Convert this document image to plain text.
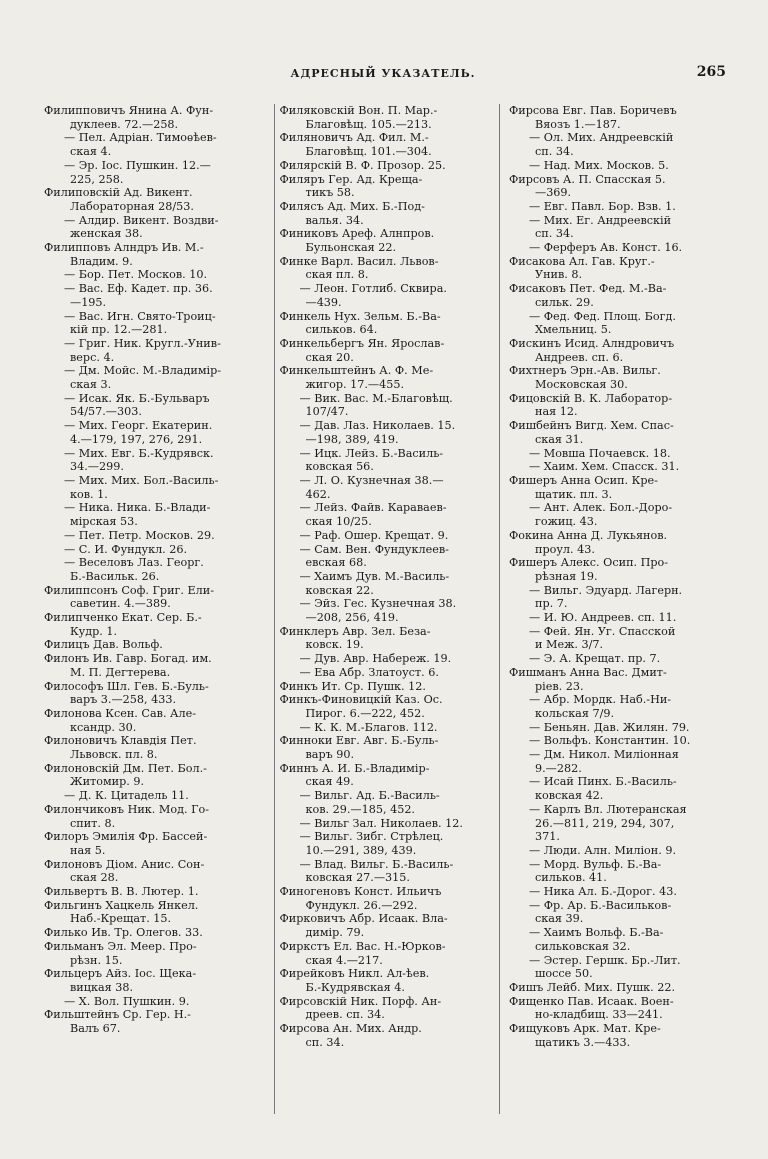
АДРЕСНЫЙ УКАЗАТЕЛЬ.	265
Филипповичъ Янина А. Фун-
дуклеев. 72.—258.
— Пел. Адріан. Тимоѳѣев-
ская 4.
— Эр. Іос. Пушкин. 12.—
225, 258.
Филиповскій Ад. Викент.
Лабораторная 28/53.
— Алдир. Викент. Воздви-
женская 38.
Филипповъ Алндръ Ив. М.-
Владим. 9.
— Бор. Пет. Москов. 10.
— Вас. Еф. Кадет. пр. 36.
—195.
— Вас. Игн. Свято-Троиц-
кій пр. 12.—281.
— Григ. Ник. Кругл.-Унив-
верс. 4.
— Дм. Мойс. М.-Владимір-
ская 3.
— Исак. Як. Б.-Бульваръ
54/57.—303.
— Мих. Георг. Екатерин.
4.—179, 197, 276, 291.
— Мих. Евг. Б.-Кудрявск.
34.—299.
— Мих. Мих. Бол.-Василь-
ков. 1.
— Ника. Ника. Б.-Влади-
мірская 53.
— Пет. Петр. Москов. 29.
— С. И. Фундукл. 26.
— Веселовъ Лаз. Георг.
Б.-Васильк. 26.
Филиппсонъ Соф. Григ. Ели-
саветин. 4.—389.
Филипченко Екат. Сер. Б.-
Кудр. 1.
Филицъ Дав. Вольф.
Филонъ Ив. Гавр. Богад. им.
М. П. Дегтерева.
Философъ Шл. Гев. Б.-Буль-
варъ 3.—258, 433.
Филонова Ксен. Сав. Але-
ксандр. 30.
Филоновичъ Клавдія Пет.
Львовск. пл. 8.
Филоновскій Дм. Пет. Бол.-
Житомир. 9.
— Д. К. Цитадель 11.
Филончиковъ Ник. Мод. Го-
спит. 8.
Филоръ Эмилія Фр. Бассей-
ная 5.
Филоновъ Діом. Анис. Сон-
ская 28.
Фильвертъ В. В. Лютер. 1.
Фильгинъ Хацкель Янкел.
Наб.-Крещат. 15.
Филько Ив. Тр. Олегов. 33.
Фильманъ Эл. Меер. Про-
рѣзн. 15.
Фильцеръ Айз. Іос. Щека-
вицкая 38.
— Х. Вол. Пушкин. 9.
Фильштейнъ Ср. Гер. Н.-
Валъ 67.
Филяковскій Вон. П. Мар.-
Благовѣщ. 105.—213.
Филяновичъ Ад. Фил. М.-
Благовѣщ. 101.—304.
Филярскій В. Ф. Прозор. 25.
Филяръ Гер. Ад. Креща-
тикъ 58.
Филясъ Ад. Мих. Б.-Под-
валья. 34.
Финиковъ Ареф. Алнпров.
Бульонская 22.
Финке Варл. Васил. Львов-
ская пл. 8.
— Леон. Готлиб. Сквира.
—439.
Финкель Нух. Зельм. Б.-Ва-
сильков. 64.
Финкельбергъ Ян. Ярослав-
ская 20.
Финкельштейнъ А. Ф. Ме-
жигор. 17.—455.
— Вик. Вас. М.-Благовѣщ.
107/47.
— Дав. Лаз. Николаев. 15.
—198, 389, 419.
— Ицк. Лейз. Б.-Василь-
ковская 56.
— Л. О. Кузнечная 38.—
462.
— Лейз. Файв. Караваев-
ская 10/25.
— Раф. Ошер. Крещат. 9.
— Сам. Вен. Фундуклеев-
евская 68.
— Хаимъ Дув. М.-Василь-
ковская 22.
— Эйз. Гес. Кузнечная 38.
—208, 256, 419.
Финклеръ Авр. Зел. Беза-
ковск. 19.
— Дув. Авр. Набереж. 19.
— Ева Абр. Златоуст. 6.
Финкъ Ит. Ср. Пушк. 12.
Финкъ-Финовицкій Каз. Ос.
Пирог. 6.—222, 452.
— К. К. М.-Благов. 112.
Финноки Евг. Авг. Б.-Буль-
варъ 90.
Финнъ А. И. Б.-Владимір-
ская 49.
— Вильг. Ад. Б.-Василь-
ков. 29.—185, 452.
— Вильг Зал. Николаев. 12.
— Вильг. Зибг. Стрѣлец.
10.—291, 389, 439.
— Влад. Вильг. Б.-Василь-
ковская 27.—315.
Финогеновъ Конст. Ильичъ
Фундукл. 26.—292.
Фирковичъ Абр. Исаак. Вла-
димір. 79.
Фиркстъ Ел. Вас. Н.-Юрков-
ская 4.—217.
Фирейковъ Никл. Ал-ѣев.
Б.-Кудрявская 4.
Фирсовскій Ник. Порф. Ан-
дреев. сп. 34.
Фирсова Ан. Мих. Андр.
сп. 34.
Фирсова Евг. Пав. Боричевъ
Вяозъ 1.—187.
— Ол. Мих. Андреевскій
сп. 34.
— Над. Мих. Москов. 5.
Фирсовъ А. П. Спасская 5.
—369.
— Евг. Павл. Бор. Взв. 1.
— Мих. Ег. Андреевскій
сп. 34.
— Ферферъ Ав. Конст. 16.
Фисакова Ал. Гав. Круг.-
Унив. 8.
Фисаковъ Пет. Фед. М.-Ва-
сильк. 29.
— Фед. Фед. Площ. Богд.
Хмельниц. 5.
Фискинъ Исид. Алндровичъ
Андреев. сп. 6.
Фихтнеръ Эрн.-Ав. Вильг.
Московская 30.
Фицовскій В. К. Лаборатор-
ная 12.
Фишбейнъ Вигд. Хем. Спас-
ская 31.
— Мовша Почаевск. 18.
— Хаим. Хем. Спасск. 31.
Фишеръ Анна Осип. Кре-
щатик. пл. 3.
— Ант. Алек. Бол.-Доро-
гожиц. 43.
Фокина Анна Д. Лукьянов.
проул. 43.
Фишеръ Алекс. Осип. Про-
рѣзная 19.
— Вильг. Эдуард. Лагерн.
пр. 7.
— И. Ю. Андреев. сп. 11.
— Фей. Ян. Уг. Спасской
и Меж. 3/7.
— Э. А. Крещат. пр. 7.
Фишманъ Анна Вас. Дмит-
ріев. 23.
— Абр. Мордк. Наб.-Ни-
кольская 7/9.
— Беньян. Дав. Жилян. 79.
— Вольфъ. Константин. 10.
— Дм. Никол. Миліонная
9.—282.
— Исай Пинх. Б.-Василь-
ковская 42.
— Карлъ Вл. Лютеранская
26.—811, 219, 294, 307,
371.
— Люди. Алн. Миліон. 9.
— Морд. Вульф. Б.-Ва-
сильков. 41.
— Ника Ал. Б.-Дорог. 43.
— Фр. Ар. Б.-Васильков-
ская 39.
— Хаимъ Вольф. Б.-Ва-
сильковская 32.
— Эстер. Гершк. Бр.-Лит.
шоссе 50.
Фишъ Лейб. Мих. Пушк. 22.
Фищенко Пав. Исаак. Воен-
но-кладбищ. 33—241.
Фищуковъ Арк. Мат. Кре-
щатикъ 3.—433.
